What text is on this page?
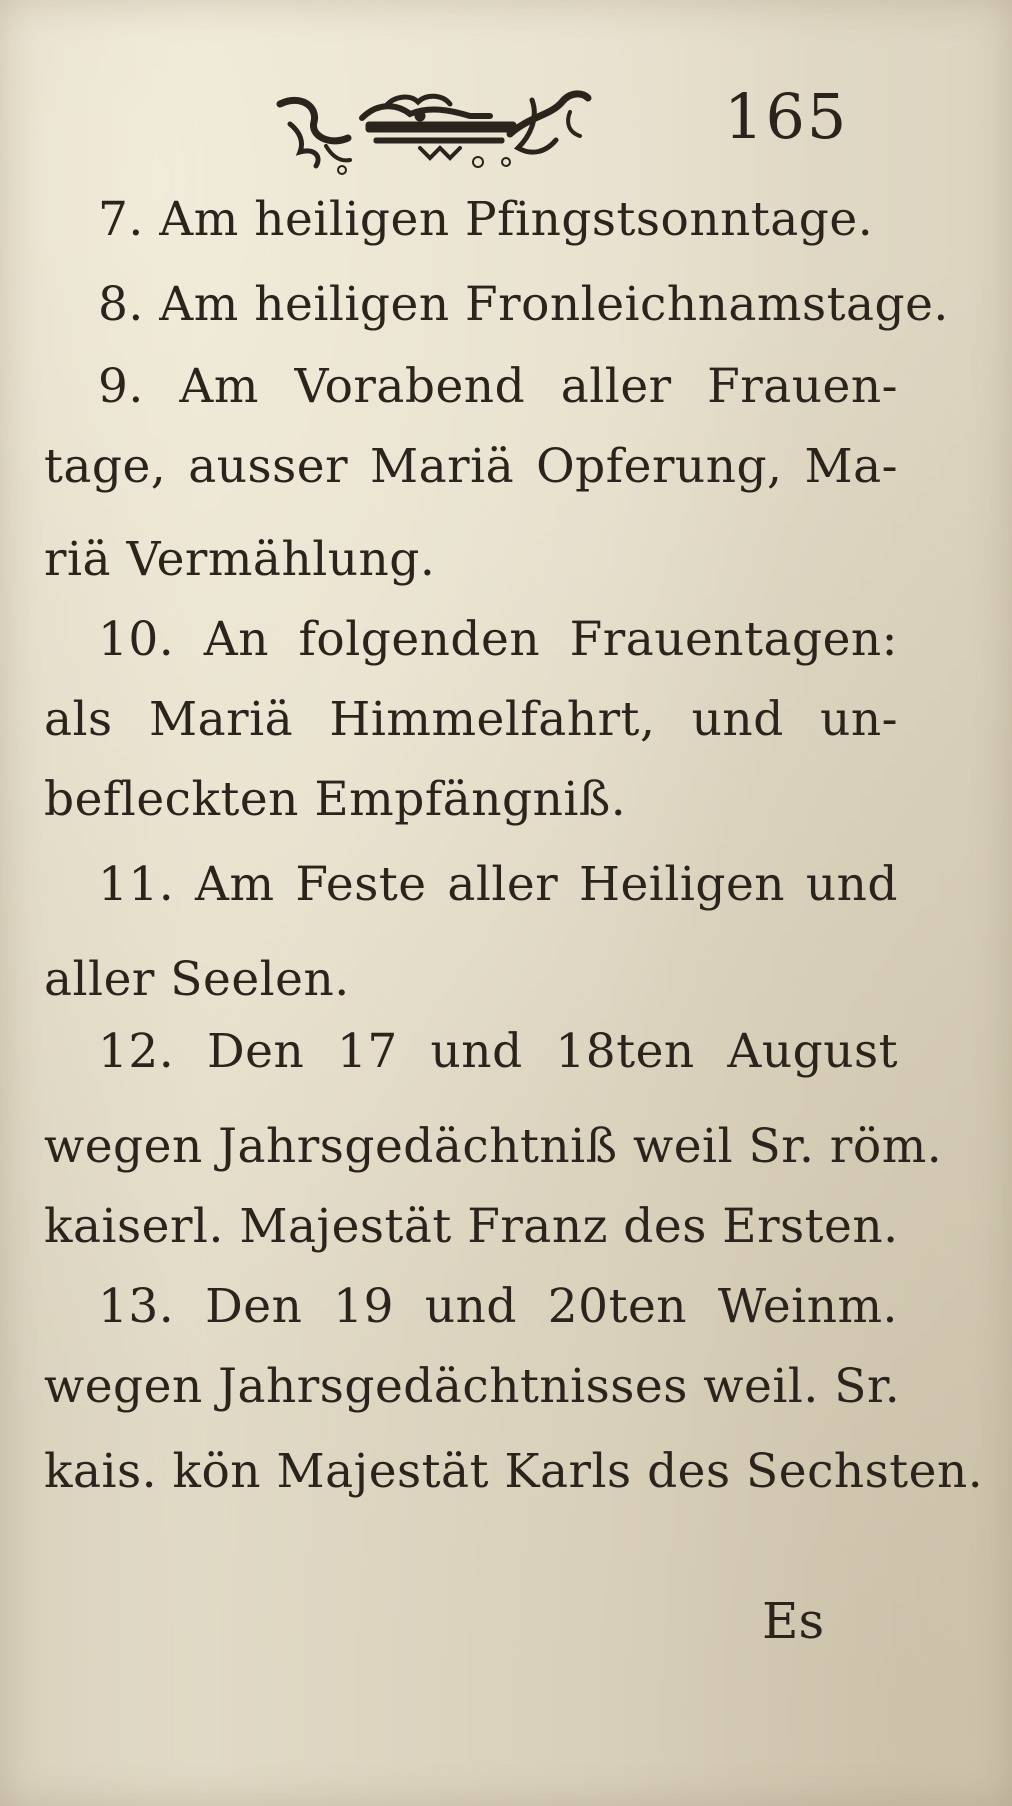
165
7. Am heiligen Pfingstsonntage.
8. Am heiligen Fronleichnamstage.
9. Am Vorabend aller Frauen-
tage, ausser Mariä Opferung, Ma-
riä Vermählung.
10. An folgenden Frauentagen:
als Mariä Himmelfahrt, und un-
befleckten Empfängniß.
11. Am Feste aller Heiligen und
aller Seelen.
12. Den 17 und 18ten August
wegen Jahrsgedächtniß weil Sr. röm.
kaiserl. Majestät Franz des Ersten.
13. Den 19 und 20ten Weinm.
wegen Jahrsgedächtnisses weil. Sr.
kais. kön Majestät Karls des Sechsten.
Es
